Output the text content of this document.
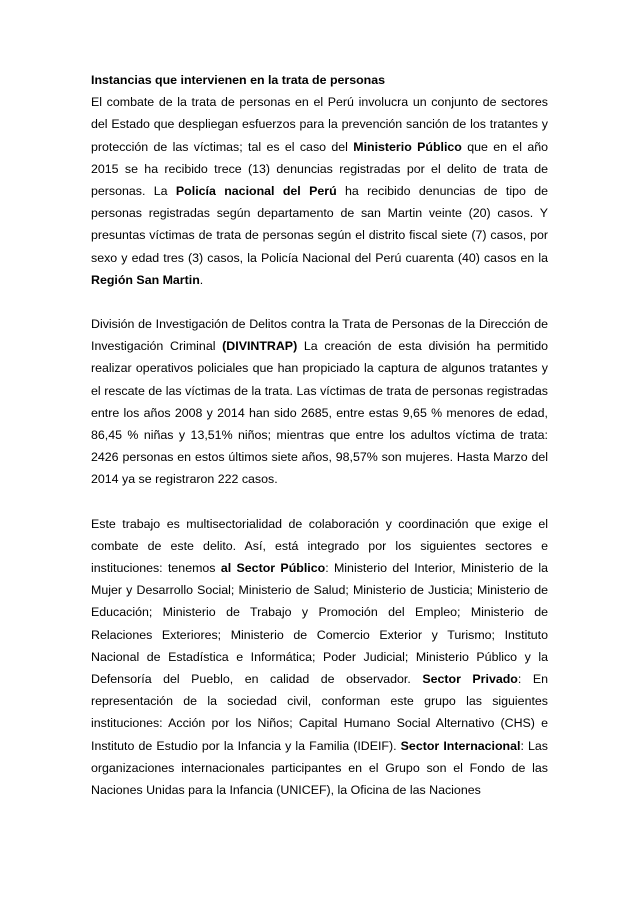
Instancias que intervienen en la trata de personas

El combate de la trata de personas en el Perú involucra un conjunto de sectores del Estado que despliegan esfuerzos para la prevención sanción de los tratantes y protección de las víctimas; tal es el caso del Ministerio Público que en el año 2015 se ha recibido trece (13) denuncias registradas por el delito de trata de personas. La Policía nacional del Perú ha recibido denuncias de tipo de personas registradas según departamento de san Martin veinte (20) casos. Y presuntas víctimas de trata de personas según el distrito fiscal siete (7) casos, por sexo y edad tres (3) casos, la Policía Nacional del Perú cuarenta (40) casos en la Región San Martin.

División de Investigación de Delitos contra la Trata de Personas de la Dirección de Investigación Criminal (DIVINTRAP) La creación de esta división ha permitido realizar operativos policiales que han propiciado la captura de algunos tratantes y el rescate de las víctimas de la trata. Las víctimas de trata de personas registradas entre los años 2008 y 2014 han sido 2685, entre estas 9,65 % menores de edad, 86,45 % niñas y 13,51% niños; mientras que entre los adultos víctima de trata: 2426 personas en estos últimos siete años, 98,57% son mujeres. Hasta Marzo del 2014 ya se registraron 222 casos.

Este trabajo es multisectorialidad de colaboración y coordinación que exige el combate de este delito. Así, está integrado por los siguientes sectores e instituciones: tenemos al Sector Público: Ministerio del Interior, Ministerio de la Mujer y Desarrollo Social; Ministerio de Salud; Ministerio de Justicia; Ministerio de Educación; Ministerio de Trabajo y Promoción del Empleo; Ministerio de Relaciones Exteriores; Ministerio de Comercio Exterior y Turismo; Instituto Nacional de Estadística e Informática; Poder Judicial; Ministerio Público y la Defensoría del Pueblo, en calidad de observador. Sector Privado: En representación de la sociedad civil, conforman este grupo las siguientes instituciones: Acción por los Niños; Capital Humano Social Alternativo (CHS) e Instituto de Estudio por la Infancia y la Familia (IDEIF). Sector Internacional: Las organizaciones internacionales participantes en el Grupo son el Fondo de las Naciones Unidas para la Infancia (UNICEF), la Oficina de las Naciones
